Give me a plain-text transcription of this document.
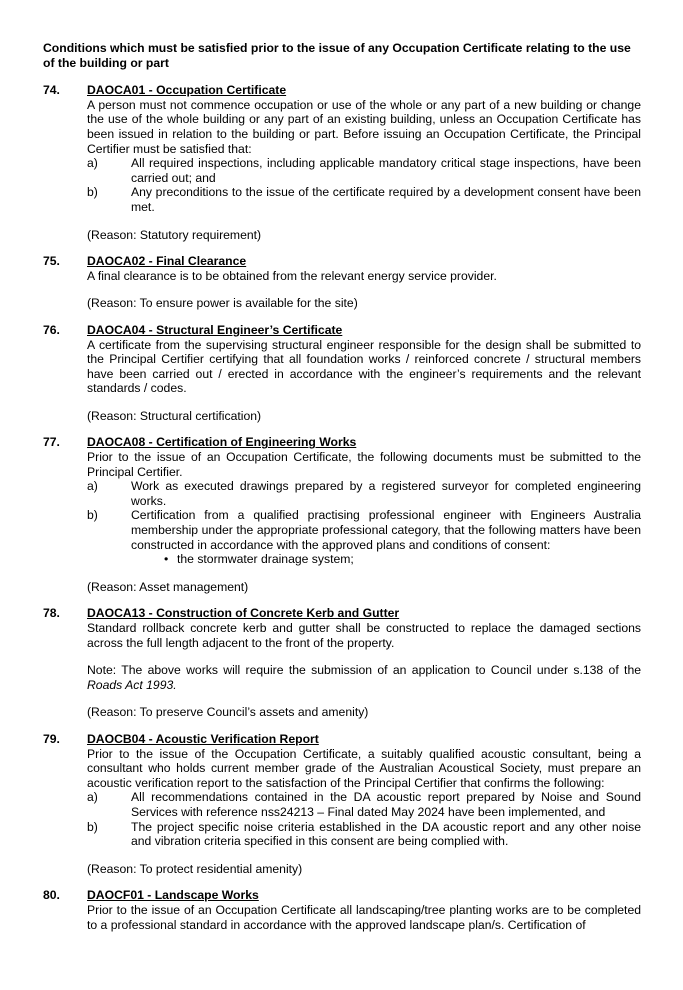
Conditions which must be satisfied prior to the issue of any Occupation Certificate relating to the use of the building or part
74.	DAOCA01 - Occupation Certificate
A person must not commence occupation or use of the whole or any part of a new building or change the use of the whole building or any part of an existing building, unless an Occupation Certificate has been issued in relation to the building or part. Before issuing an Occupation Certificate, the Principal Certifier must be satisfied that:
a)	All required inspections, including applicable mandatory critical stage inspections, have been carried out; and
b)	Any preconditions to the issue of the certificate required by a development consent have been met.
(Reason: Statutory requirement)
75.	DAOCA02 - Final Clearance
A final clearance is to be obtained from the relevant energy service provider.
(Reason: To ensure power is available for the site)
76.	DAOCA04 - Structural Engineer’s Certificate
A certificate from the supervising structural engineer responsible for the design shall be submitted to the Principal Certifier certifying that all foundation works / reinforced concrete / structural members have been carried out / erected in accordance with the engineer’s requirements and the relevant standards / codes.
(Reason: Structural certification)
77.	DAOCA08 - Certification of Engineering Works
Prior to the issue of an Occupation Certificate, the following documents must be submitted to the Principal Certifier.
a)	Work as executed drawings prepared by a registered surveyor for completed engineering works.
b)	Certification from a qualified practising professional engineer with Engineers Australia membership under the appropriate professional category, that the following matters have been constructed in accordance with the approved plans and conditions of consent:
• the stormwater drainage system;
(Reason: Asset management)
78.	DAOCA13 - Construction of Concrete Kerb and Gutter
Standard rollback concrete kerb and gutter shall be constructed to replace the damaged sections across the full length adjacent to the front of the property.
Note: The above works will require the submission of an application to Council under s.138 of the Roads Act 1993.
(Reason: To preserve Council’s assets and amenity)
79.	DAOCB04 - Acoustic Verification Report
Prior to the issue of the Occupation Certificate, a suitably qualified acoustic consultant, being a consultant who holds current member grade of the Australian Acoustical Society, must prepare an acoustic verification report to the satisfaction of the Principal Certifier that confirms the following:
a)	All recommendations contained in the DA acoustic report prepared by Noise and Sound Services with reference nss24213 – Final dated May 2024 have been implemented, and
b)	The project specific noise criteria established in the DA acoustic report and any other noise and vibration criteria specified in this consent are being complied with.
(Reason: To protect residential amenity)
80.	DAOCF01 - Landscape Works
Prior to the issue of an Occupation Certificate all landscaping/tree planting works are to be completed to a professional standard in accordance with the approved landscape plan/s. Certification of
